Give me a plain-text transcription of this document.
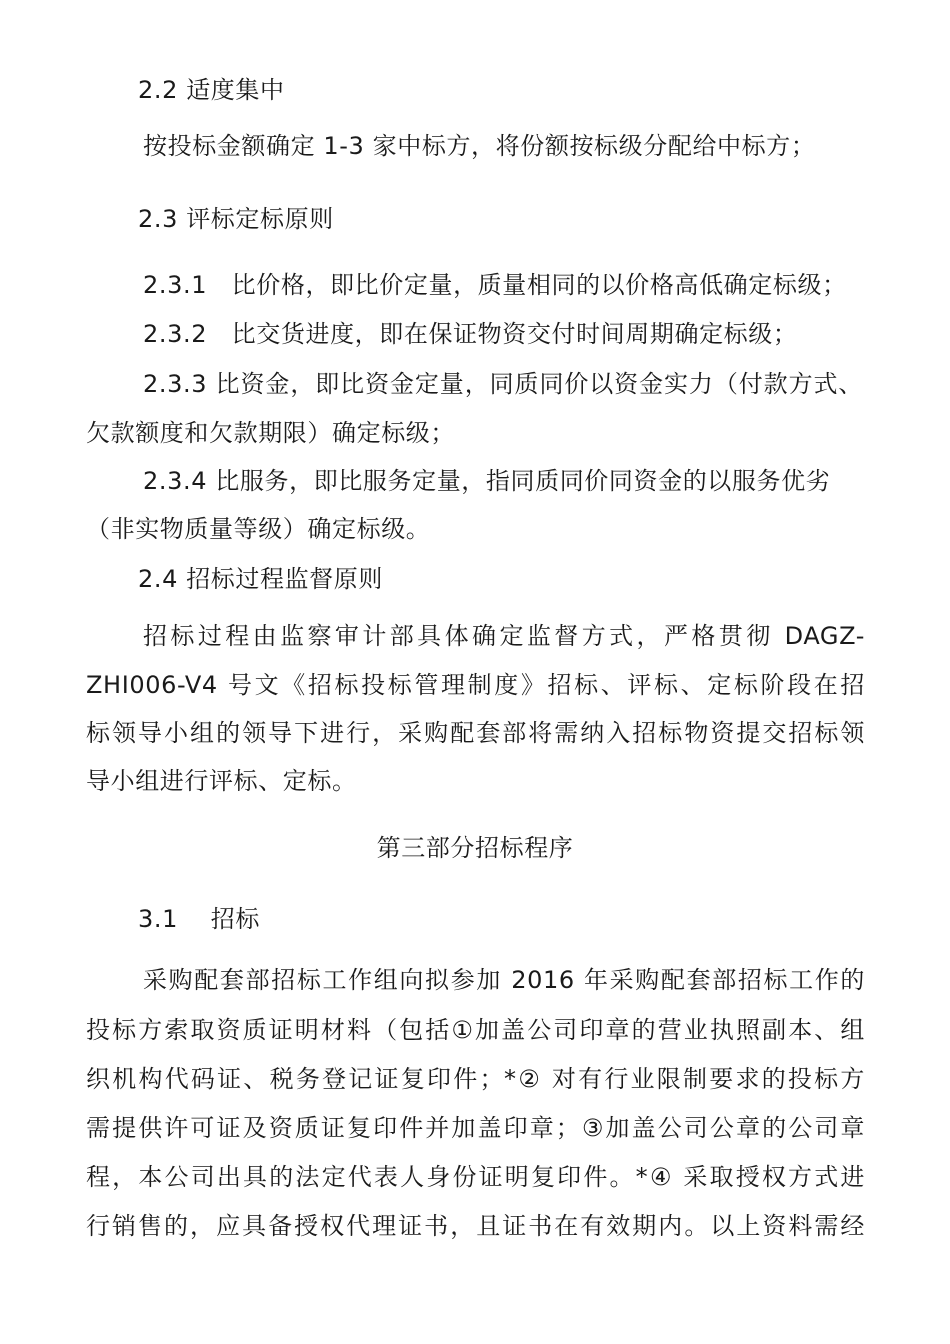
2.2 适度集中
按投标金额确定 1-3 家中标方，将份额按标级分配给中标方；
2.3 评标定标原则
2.3.1　比价格，即比价定量，质量相同的以价格高低确定标级；
2.3.2　比交货进度，即在保证物资交付时间周期确定标级；
2.3.3 比资金，即比资金定量，同质同价以资金实力（付款方式、
欠款额度和欠款期限）确定标级；
2.3.4 比服务，即比服务定量，指同质同价同资金的以服务优劣
（非实物质量等级）确定标级。
2.4 招标过程监督原则
招标过程由监察审计部具体确定监督方式，严格贯彻 DAGZ-
ZHI006-V4 号文《招标投标管理制度》招标、评标、定标阶段在招
标领导小组的领导下进行，采购配套部将需纳入招标物资提交招标领
导小组进行评标、定标。
第三部分招标程序
3.1　 招标
采购配套部招标工作组向拟参加 2016 年采购配套部招标工作的
投标方索取资质证明材料（包括①加盖公司印章的营业执照副本、组
织机构代码证、税务登记证复印件；*② 对有行业限制要求的投标方
需提供许可证及资质证复印件并加盖印章；③加盖公司公章的公司章
程，本公司出具的法定代表人身份证明复印件。*④ 采取授权方式进
行销售的，应具备授权代理证书，且证书在有效期内。以上资料需经
